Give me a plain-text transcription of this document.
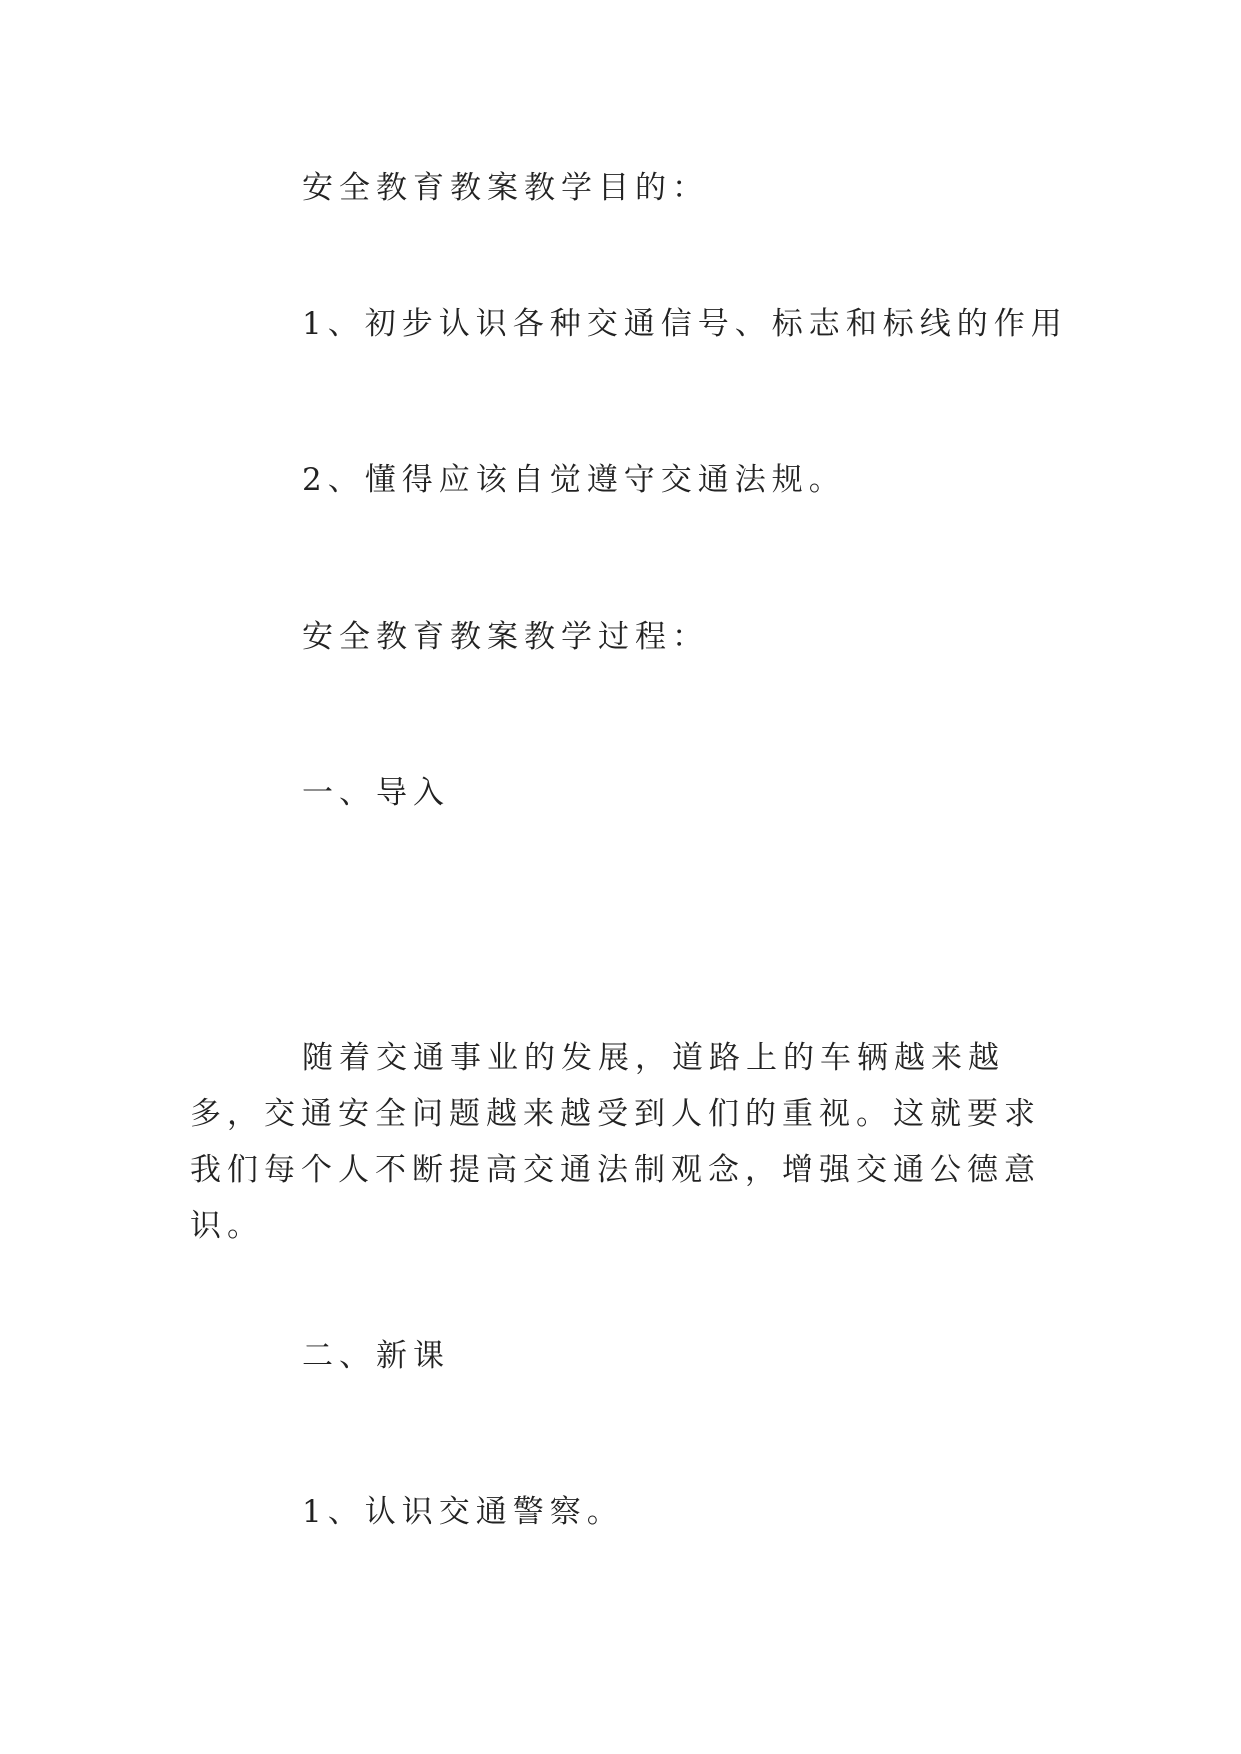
安全教育教案教学目的：
1、初步认识各种交通信号、标志和标线的作用
2、懂得应该自觉遵守交通法规。
安全教育教案教学过程：
一、导入
随着交通事业的发展，道路上的车辆越来越多，交通安全问题越来越受到人们的重视。这就要求我们每个人不断提高交通法制观念，增强交通公德意识。
二、新课
1、认识交通警察。
